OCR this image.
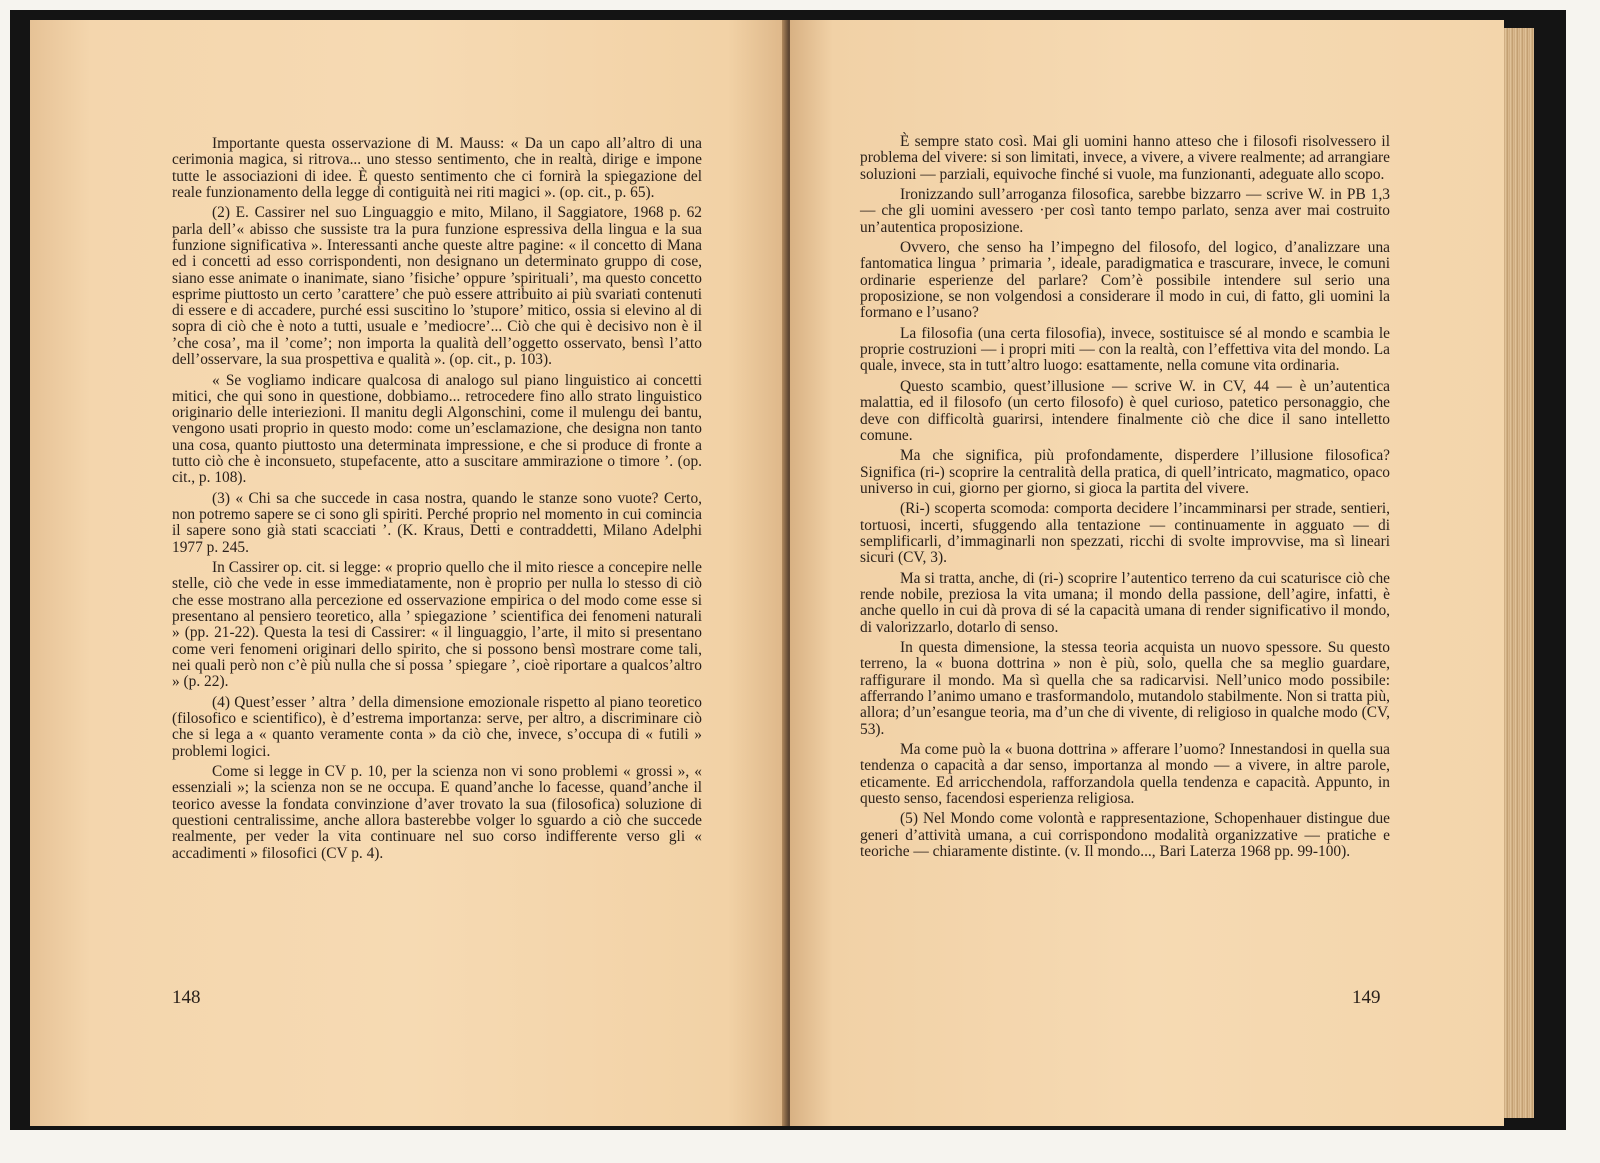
Importante questa osservazione di M. Mauss: « Da un capo all’altro di una cerimonia magica, si ritrova... uno stesso sentimento, che in realtà, dirige e impone tutte le associazioni di idee. È questo sentimento che ci fornirà la spiegazione del reale funzionamento della legge di contiguità nei riti magici ». (op. cit., p. 65).

(2) E. Cassirer nel suo Linguaggio e mito, Milano, il Saggiatore, 1968 p. 62 parla dell’« abisso che sussiste tra la pura funzione espressiva della lingua e la sua funzione significativa ». Interessanti anche queste altre pagine: « il concetto di Mana ed i concetti ad esso corrispondenti, non designano un determinato gruppo di cose, siano esse animate o inanimate, siano ’fisiche’ oppure ’spirituali’, ma questo concetto esprime piuttosto un certo ’carattere’ che può essere attribuito ai più svariati contenuti di essere e di accadere, purché essi suscitino lo ’stupore’ mitico, ossia si elevino al di sopra di ciò che è noto a tutti, usuale e ’mediocre’... Ciò che qui è decisivo non è il ’che cosa’, ma il ’come’; non importa la qualità dell’oggetto osservato, bensì l’atto dell’osservare, la sua prospettiva e qualità ». (op. cit., p. 103).

« Se vogliamo indicare qualcosa di analogo sul piano linguistico ai concetti mitici, che qui sono in questione, dobbiamo... retrocedere fino allo strato linguistico originario delle interiezioni. Il manitu degli Algonschini, come il mulengu dei bantu, vengono usati proprio in questo modo: come un’esclamazione, che designa non tanto una cosa, quanto piuttosto una determinata impressione, e che si produce di fronte a tutto ciò che è inconsueto, stupefacente, atto a suscitare ammirazione o timore ’. (op. cit., p. 108).

(3) « Chi sa che succede in casa nostra, quando le stanze sono vuote? Certo, non potremo sapere se ci sono gli spiriti. Perché proprio nel momento in cui comincia il sapere sono già stati scacciati ’. (K. Kraus, Detti e contraddetti, Milano Adelphi 1977 p. 245.

In Cassirer op. cit. si legge: « proprio quello che il mito riesce a concepire nelle stelle, ciò che vede in esse immediatamente, non è proprio per nulla lo stesso di ciò che esse mostrano alla percezione ed osservazione empirica o del modo come esse si presentano al pensiero teoretico, alla ’ spiegazione ’ scientifica dei fenomeni naturali » (pp. 21-22). Questa la tesi di Cassirer: « il linguaggio, l’arte, il mito si presentano come veri fenomeni originari dello spirito, che si possono bensì mostrare come tali, nei quali però non c’è più nulla che si possa ’ spiegare ’, cioè riportare a qualcos’altro » (p. 22).

(4) Quest’esser ’ altra ’ della dimensione emozionale rispetto al piano teoretico (filosofico e scientifico), è d’estrema importanza: serve, per altro, a discriminare ciò che si lega a « quanto veramente conta » da ciò che, invece, s’occupa di « futili » problemi logici.

Come si legge in CV p. 10, per la scienza non vi sono problemi « grossi », « essenziali »; la scienza non se ne occupa. E quand’anche lo facesse, quand’anche il teorico avesse la fondata convinzione d’aver trovato la sua (filosofica) soluzione di questioni centralissime, anche allora basterebbe volger lo sguardo a ciò che succede realmente, per veder la vita continuare nel suo corso indifferente verso gli « accadimenti » filosofici (CV p. 4).

148

È sempre stato così. Mai gli uomini hanno atteso che i filosofi risolvessero il problema del vivere: si son limitati, invece, a vivere, a vivere realmente; ad arrangiare soluzioni — parziali, equivoche finché si vuole, ma funzionanti, adeguate allo scopo.

Ironizzando sull’arroganza filosofica, sarebbe bizzarro — scrive W. in PB 1,3 — che gli uomini avessero ·per così tanto tempo parlato, senza aver mai costruito un’autentica proposizione.

Ovvero, che senso ha l’impegno del filosofo, del logico, d’analizzare una fantomatica lingua ’ primaria ’, ideale, paradigmatica e trascurare, invece, le comuni ordinarie esperienze del parlare? Com’è possibile intendere sul serio una proposizione, se non volgendosi a considerare il modo in cui, di fatto, gli uomini la formano e l’usano?

La filosofia (una certa filosofia), invece, sostituisce sé al mondo e scambia le proprie costruzioni — i propri miti — con la realtà, con l’effettiva vita del mondo. La quale, invece, sta in tutt’altro luogo: esattamente, nella comune vita ordinaria.

Questo scambio, quest’illusione — scrive W. in CV, 44 — è un’autentica malattia, ed il filosofo (un certo filosofo) è quel curioso, patetico personaggio, che deve con difficoltà guarirsi, intendere finalmente ciò che dice il sano intelletto comune.

Ma che significa, più profondamente, disperdere l’illusione filosofica? Significa (ri-) scoprire la centralità della pratica, di quell’intricato, magmatico, opaco universo in cui, giorno per giorno, si gioca la partita del vivere.

(Ri-) scoperta scomoda: comporta decidere l’incamminarsi per strade, sentieri, tortuosi, incerti, sfuggendo alla tentazione — continuamente in agguato — di semplificarli, d’immaginarli non spezzati, ricchi di svolte improvvise, ma sì lineari sicuri (CV, 3).

Ma si tratta, anche, di (ri-) scoprire l’autentico terreno da cui scaturisce ciò che rende nobile, preziosa la vita umana; il mondo della passione, dell’agire, infatti, è anche quello in cui dà prova di sé la capacità umana di render significativo il mondo, di valorizzarlo, dotarlo di senso.

In questa dimensione, la stessa teoria acquista un nuovo spessore. Su questo terreno, la « buona dottrina » non è più, solo, quella che sa meglio guardare, raffigurare il mondo. Ma sì quella che sa radicarvisi. Nell’unico modo possibile: afferrando l’animo umano e trasformandolo, mutandolo stabilmente. Non si tratta più, allora; d’un’esangue teoria, ma d’un che di vivente, di religioso in qualche modo (CV, 53).

Ma come può la « buona dottrina » afferare l’uomo? Innestandosi in quella sua tendenza o capacità a dar senso, importanza al mondo — a vivere, in altre parole, eticamente. Ed arricchendola, rafforzandola quella tendenza e capacità. Appunto, in questo senso, facendosi esperienza religiosa.

(5) Nel Mondo come volontà e rappresentazione, Schopenhauer distingue due generi d’attività umana, a cui corrispondono modalità organizzative — pratiche e teoriche — chiaramente distinte. (v. Il mondo..., Bari Laterza 1968 pp. 99-100).

149
